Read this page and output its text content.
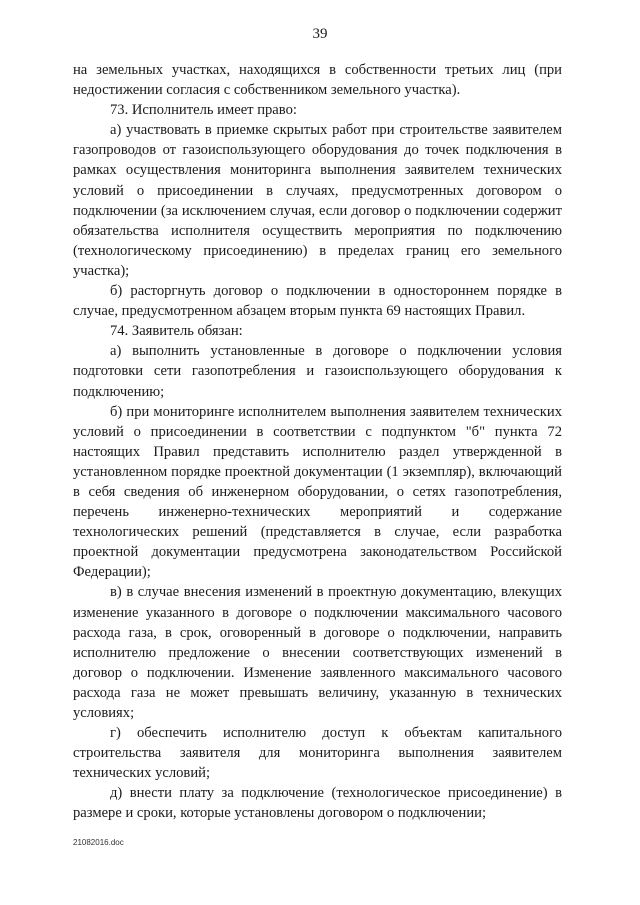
39

на земельных участках, находящихся в собственности третьих лиц (при недостижении согласия с собственником земельного участка).

73. Исполнитель имеет право:

а) участвовать в приемке скрытых работ при строительстве заявителем газопроводов от газоиспользующего оборудования до точек подключения в рамках осуществления мониторинга выполнения заявителем технических условий о присоединении в случаях, предусмотренных договором о подключении (за исключением случая, если договор о подключении содержит обязательства исполнителя осуществить мероприятия по подключению (технологическому присоединению) в пределах границ его земельного участка);

б) расторгнуть договор о подключении в одностороннем порядке в случае, предусмотренном абзацем вторым пункта 69 настоящих Правил.

74. Заявитель обязан:

а) выполнить установленные в договоре о подключении условия подготовки сети газопотребления и газоиспользующего оборудования к подключению;

б) при мониторинге исполнителем выполнения заявителем технических условий о присоединении в соответствии с подпунктом "б" пункта 72 настоящих Правил представить исполнителю раздел утвержденной в установленном порядке проектной документации (1 экземпляр), включающий в себя сведения об инженерном оборудовании, о сетях газопотребления, перечень инженерно-технических мероприятий и содержание технологических решений (представляется в случае, если разработка проектной документации предусмотрена законодательством Российской Федерации);

в) в случае внесения изменений в проектную документацию, влекущих изменение указанного в договоре о подключении максимального часового расхода газа, в срок, оговоренный в договоре о подключении, направить исполнителю предложение о внесении соответствующих изменений в договор о подключении. Изменение заявленного максимального часового расхода газа не может превышать величину, указанную в технических условиях;

г) обеспечить исполнителю доступ к объектам капитального строительства заявителя для мониторинга выполнения заявителем технических условий;

д) внести плату за подключение (технологическое присоединение) в размере и сроки, которые установлены договором о подключении;

21082016.doc
